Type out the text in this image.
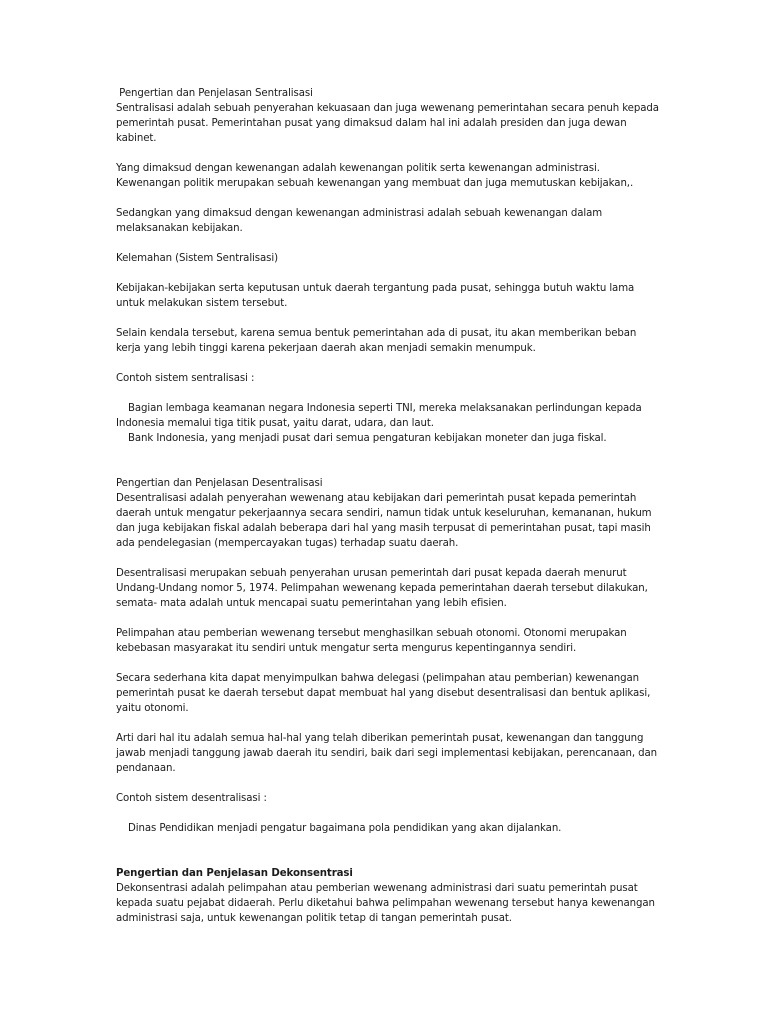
Pengertian dan Penjelasan Sentralisasi

Sentralisasi adalah sebuah penyerahan kekuasaan dan juga wewenang pemerintahan secara penuh kepada pemerintah pusat. Pemerintahan pusat yang dimaksud dalam hal ini adalah presiden dan juga dewan kabinet.

Yang dimaksud dengan kewenangan adalah kewenangan politik serta kewenangan administrasi. Kewenangan politik merupakan sebuah kewenangan yang membuat dan juga memutuskan kebijakan,.

Sedangkan yang dimaksud dengan kewenangan administrasi adalah sebuah kewenangan dalam melaksanakan kebijakan.

Kelemahan (Sistem Sentralisasi)

Kebijakan-kebijakan serta keputusan untuk daerah tergantung pada pusat, sehingga butuh waktu lama untuk melakukan sistem tersebut.

Selain kendala tersebut, karena semua bentuk pemerintahan ada di pusat, itu akan memberikan beban kerja yang lebih tinggi karena pekerjaan daerah akan menjadi semakin menumpuk.

Contoh sistem sentralisasi :

Bagian lembaga keamanan negara Indonesia seperti TNI, mereka melaksanakan perlindungan kepada Indonesia memalui tiga titik pusat, yaitu darat, udara, dan laut.

Bank Indonesia, yang menjadi pusat dari semua pengaturan kebijakan moneter dan juga fiskal.

Pengertian dan Penjelasan Desentralisasi

Desentralisasi adalah penyerahan wewenang atau kebijakan dari pemerintah pusat kepada pemerintah daerah untuk mengatur pekerjaannya secara sendiri, namun tidak untuk keseluruhan, kemananan, hukum dan juga kebijakan fiskal adalah beberapa dari hal yang masih terpusat di pemerintahan pusat, tapi masih ada pendelegasian (mempercayakan tugas) terhadap suatu daerah.

Desentralisasi merupakan sebuah penyerahan urusan pemerintah dari pusat kepada daerah menurut Undang-Undang nomor 5, 1974. Pelimpahan wewenang kepada pemerintahan daerah tersebut dilakukan, semata- mata adalah untuk mencapai suatu pemerintahan yang lebih efisien.

Pelimpahan atau pemberian wewenang tersebut menghasilkan sebuah otonomi. Otonomi merupakan kebebasan masyarakat itu sendiri untuk mengatur serta mengurus kepentingannya sendiri.

Secara sederhana kita dapat menyimpulkan bahwa delegasi (pelimpahan atau pemberian) kewenangan pemerintah pusat ke daerah tersebut dapat membuat hal yang disebut desentralisasi dan bentuk aplikasi, yaitu otonomi.

Arti dari hal itu adalah semua hal-hal yang telah diberikan pemerintah pusat, kewenangan dan tanggung jawab menjadi tanggung jawab daerah itu sendiri, baik dari segi implementasi kebijakan, perencanaan, dan pendanaan.

Contoh sistem desentralisasi :

Dinas Pendidikan menjadi pengatur bagaimana pola pendidikan yang akan dijalankan.

Pengertian dan Penjelasan Dekonsentrasi

Dekonsentrasi adalah pelimpahan atau pemberian wewenang administrasi dari suatu pemerintah pusat kepada suatu pejabat didaerah. Perlu diketahui bahwa pelimpahan wewenang tersebut hanya kewenangan administrasi saja, untuk kewenangan politik tetap di tangan pemerintah pusat.
